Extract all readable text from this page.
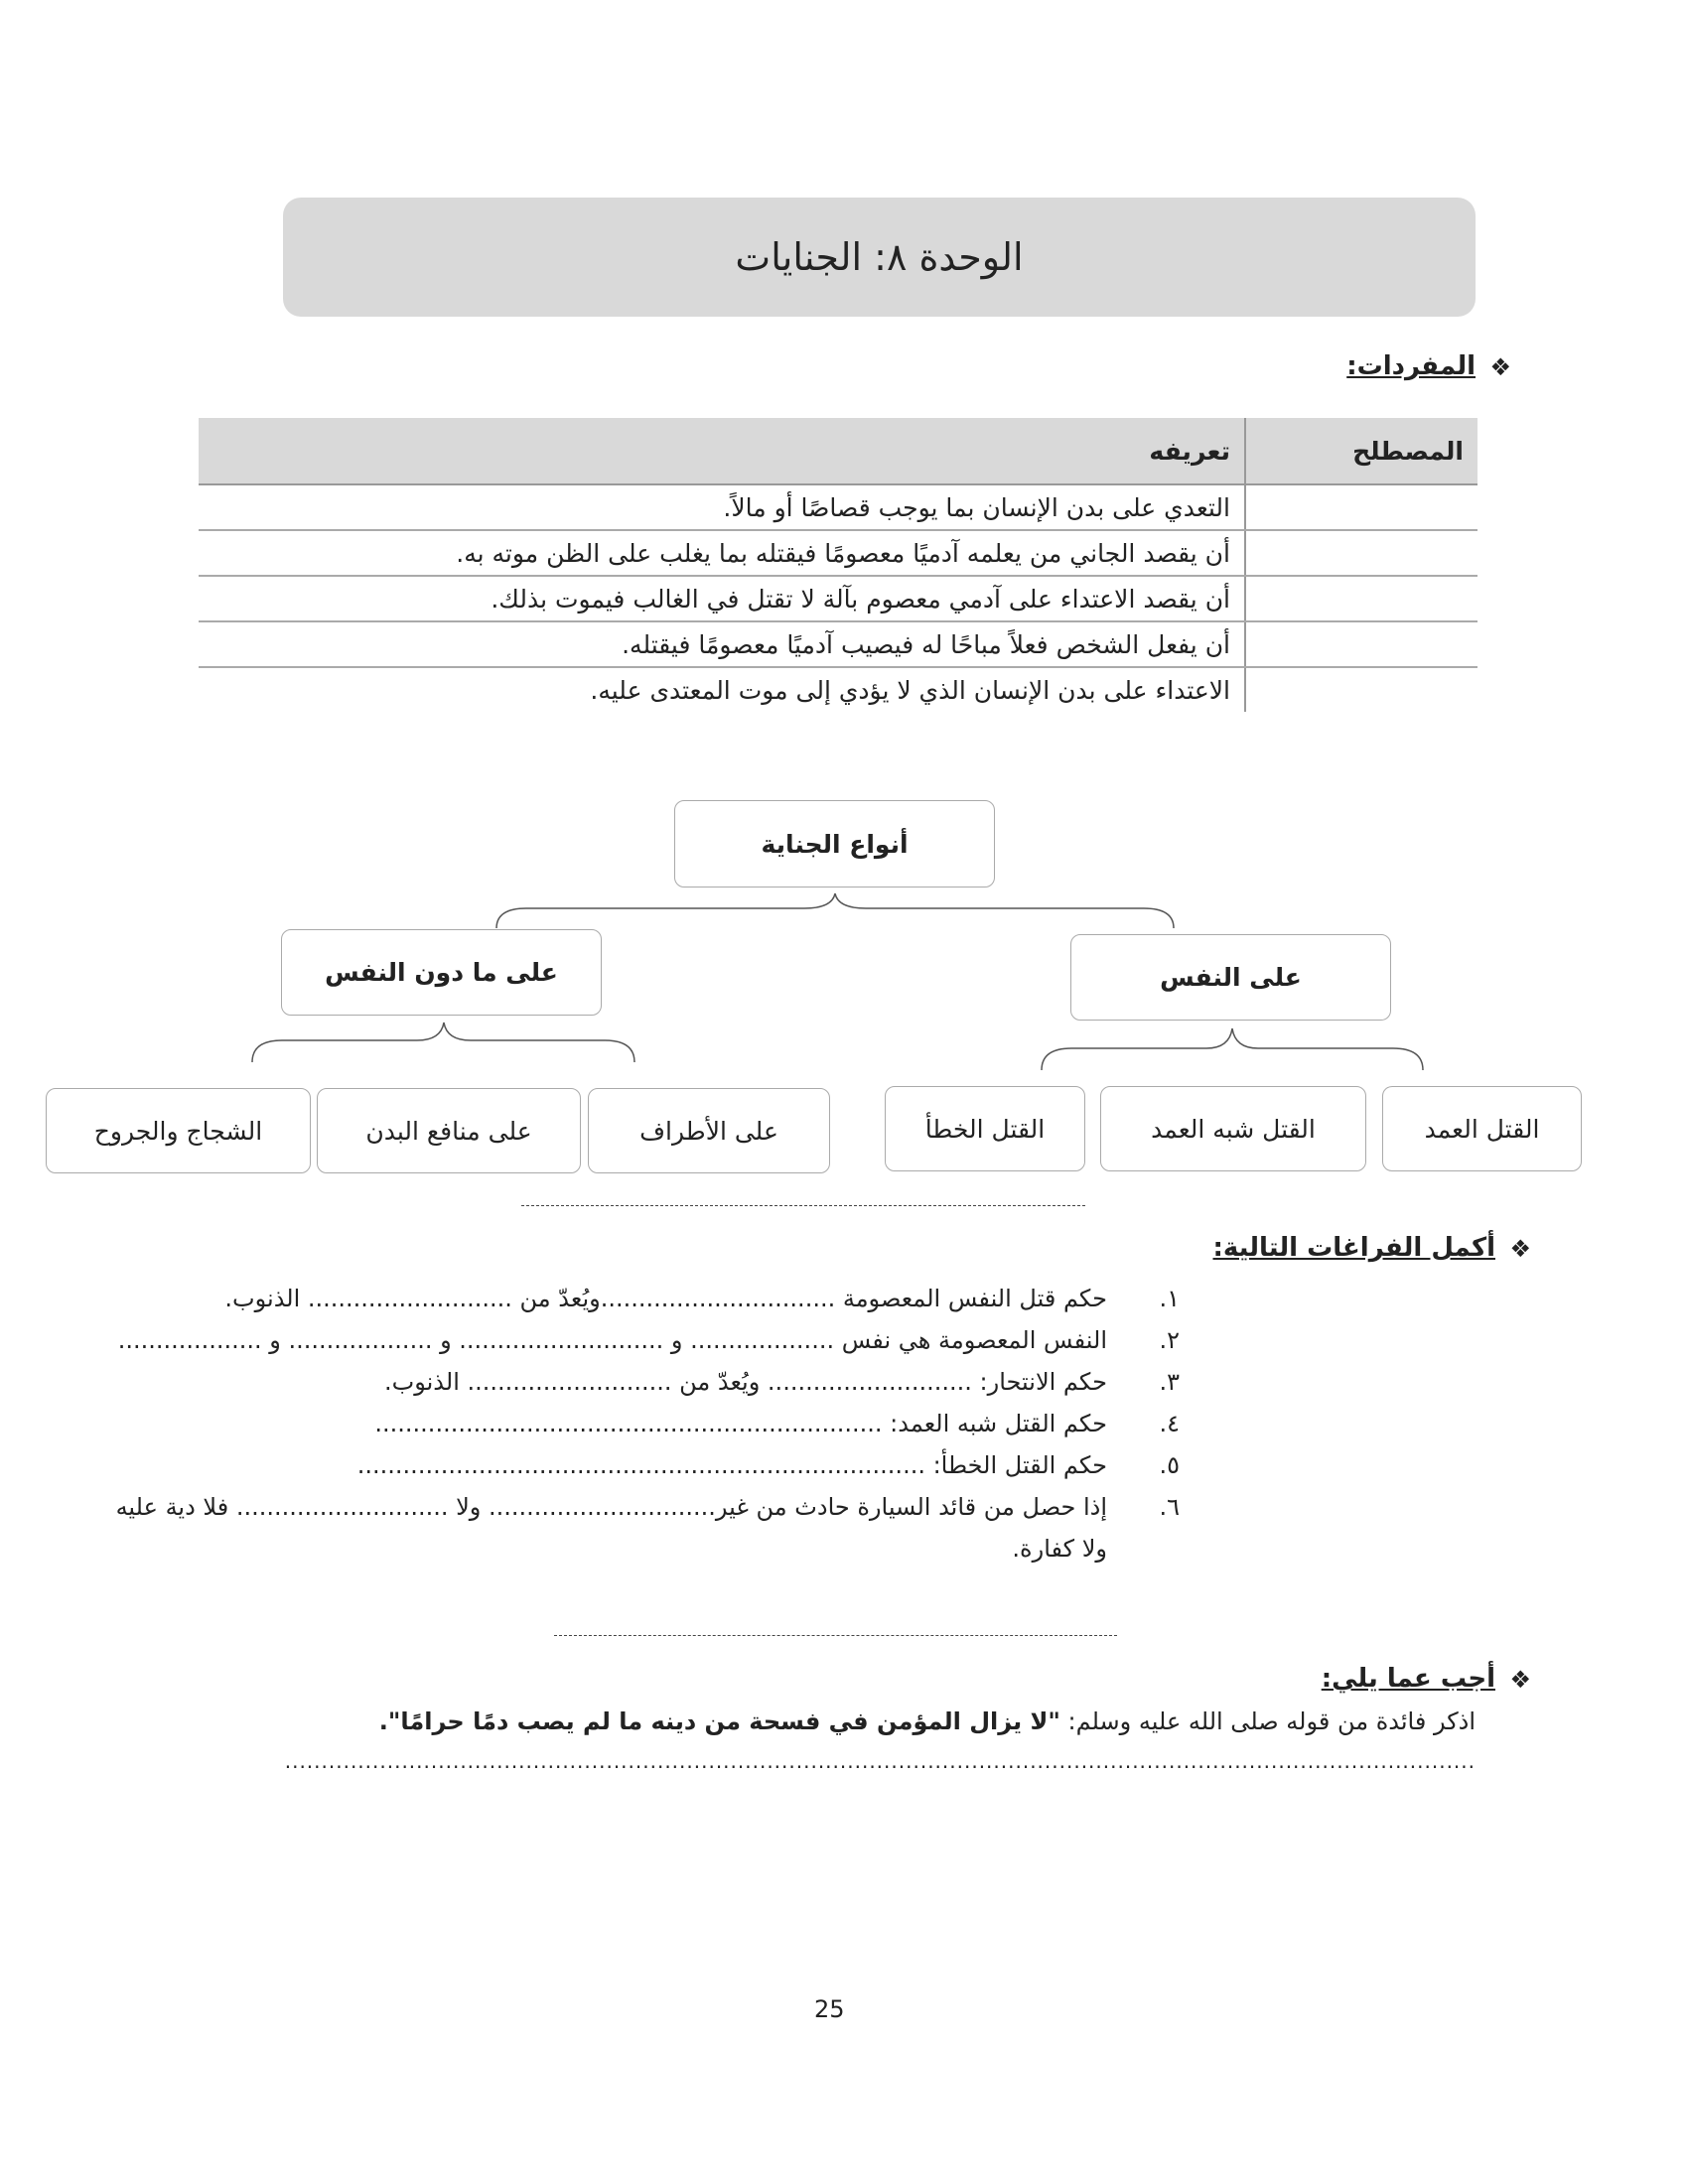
الوحدة ٨: الجنايات
❖
المفردات:
المصطلح	تعريفه
	التعدي على بدن الإنسان بما يوجب قصاصًا أو مالاً.
	أن يقصد الجاني من يعلمه آدميًا معصومًا فيقتله بما يغلب على الظن موته به.
	أن يقصد الاعتداء على آدمي معصوم بآلة لا تقتل في الغالب فيموت بذلك.
	أن يفعل الشخص فعلاً مباحًا له فيصيب آدميًا معصومًا فيقتله.
	الاعتداء على بدن الإنسان الذي لا يؤدي إلى موت المعتدى عليه.
أنواع الجناية
على ما دون النفس	على النفس
القتل العمد
القتل شبه العمد
القتل الخطأ
على الأطراف
على منافع البدن
الشجاج والجروح
❖
أكمل الفراغات التالية:
١.
حكم قتل النفس المعصومة ...............................ويُعدّ من ........................... الذنوب.
٢.
النفس المعصومة هي نفس ................... و ........................... و ................... و ...................
٣.
حكم الانتحار: ........................... ويُعدّ من ........................... الذنوب.
٤.
حكم القتل شبه العمد: ...................................................................
٥.
حكم القتل الخطأ: ...........................................................................
٦.
إذا حصل من قائد السيارة حادث من غير.............................. ولا ............................ فلا دية عليه
ولا كفارة.
❖
أجب عما يلي:
اذكر فائدة من قوله صلى الله عليه وسلم: "لا يزال المؤمن في فسحة من دينه ما لم يصب دمًا حرامًا".
...................................................................................................................................................................
25
